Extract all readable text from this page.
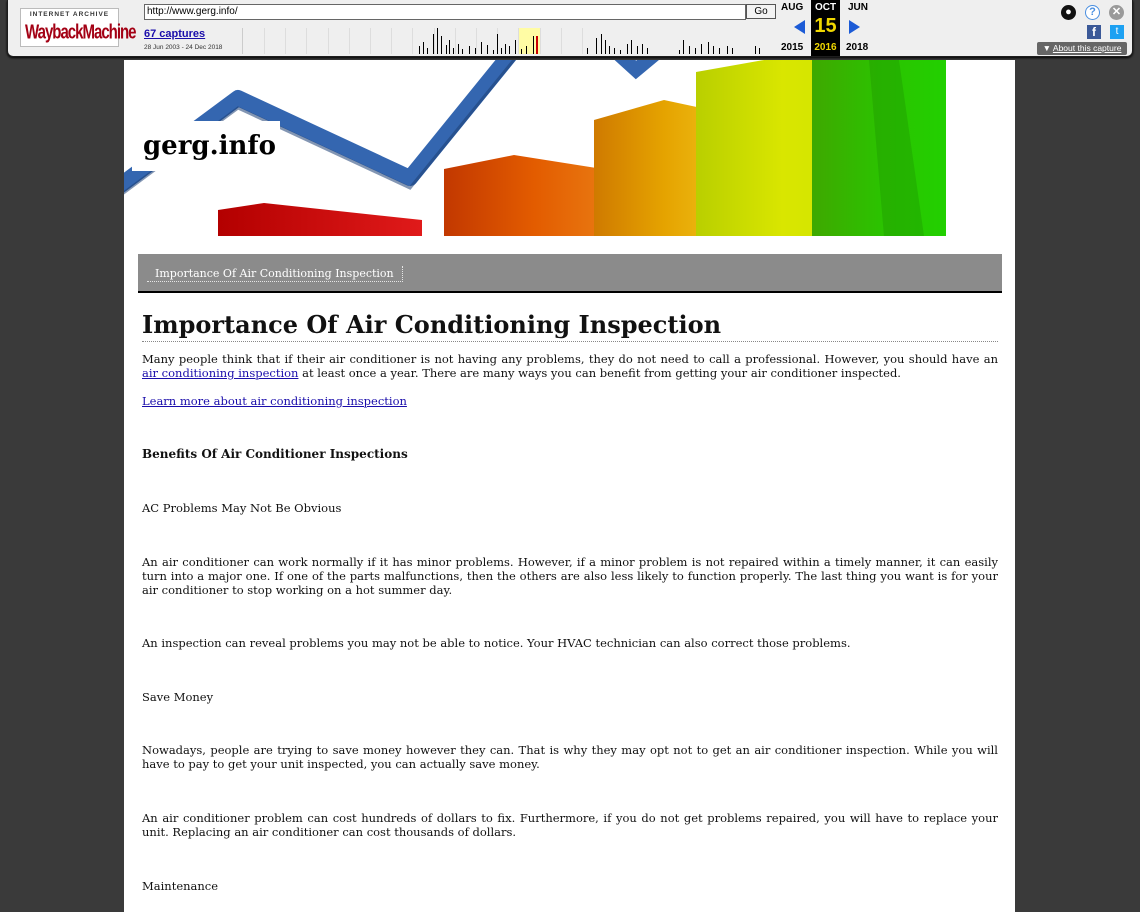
INTERNET ARCHIVE
WaybackMachine
http://www.gerg.info/	Go
67 captures
28 Jun 2003 - 24 Dec 2018
AUG
2015
OCT
15
2016
JUN
2018
●	?	✕
f	t
▼ About this capture
gerg.info
Importance Of Air Conditioning Inspection
Importance Of Air Conditioning Inspection

Many people think that if their air conditioner is not having any problems, they do not need to call a professional. However, you should have an air conditioning inspection at least once a year. There are many ways you can benefit from getting your air conditioner inspected.

Learn more about air conditioning inspection

Benefits Of Air Conditioner Inspections

AC Problems May Not Be Obvious

An air conditioner can work normally if it has minor problems. However, if a minor problem is not repaired within a timely manner, it can easily turn into a major one. If one of the parts malfunctions, then the others are also less likely to function properly. The last thing you want is for your air conditioner to stop working on a hot summer day.

An inspection can reveal problems you may not be able to notice. Your HVAC technician can also correct those problems.

Save Money

Nowadays, people are trying to save money however they can. That is why they may opt not to get an air conditioner inspection. While you will have to pay to get your unit inspected, you can actually save money.

An air conditioner problem can cost hundreds of dollars to fix. Furthermore, if you do not get problems repaired, you will have to replace your unit. Replacing an air conditioner can cost thousands of dollars.

Maintenance
